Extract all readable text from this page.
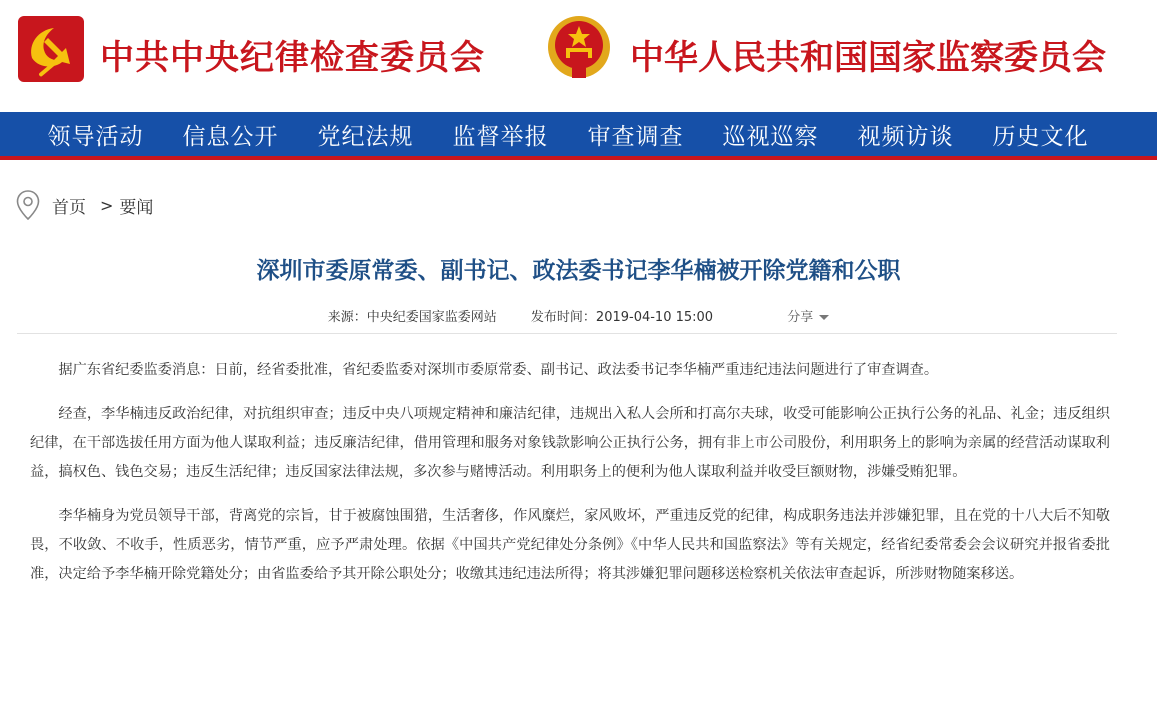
中共中央纪律检查委员会	中华人民共和国国家监察委员会
领导活动	信息公开	党纪法规	监督举报	审查调查	巡视巡察	视频访谈	历史文化
首页 > 要闻
深圳市委原常委、副书记、政法委书记李华楠被开除党籍和公职
来源：中央纪委国家监委网站	发布时间：2019-04-10 15:00	分享

据广东省纪委监委消息：日前，经省委批准，省纪委监委对深圳市委原常委、副书记、政法委书记李华楠严重违纪违法问题进行了审查调查。

经查，李华楠违反政治纪律，对抗组织审查；违反中央八项规定精神和廉洁纪律，违规出入私人会所和打高尔夫球，收受可能影响公正执行公务的礼品、礼金；违反组织纪律，在干部选拔任用方面为他人谋取利益；违反廉洁纪律，借用管理和服务对象钱款影响公正执行公务，拥有非上市公司股份，利用职务上的影响为亲属的经营活动谋取利益，搞权色、钱色交易；违反生活纪律；违反国家法律法规，多次参与赌博活动。利用职务上的便利为他人谋取利益并收受巨额财物，涉嫌受贿犯罪。

李华楠身为党员领导干部，背离党的宗旨，甘于被腐蚀围猎，生活奢侈，作风糜烂，家风败坏，严重违反党的纪律，构成职务违法并涉嫌犯罪，且在党的十八大后不知敬畏，不收敛、不收手，性质恶劣，情节严重，应予严肃处理。依据《中国共产党纪律处分条例》《中华人民共和国监察法》等有关规定，经省纪委常委会会议研究并报省委批准，决定给予李华楠开除党籍处分；由省监委给予其开除公职处分；收缴其违纪违法所得；将其涉嫌犯罪问题移送检察机关依法审查起诉，所涉财物随案移送。
